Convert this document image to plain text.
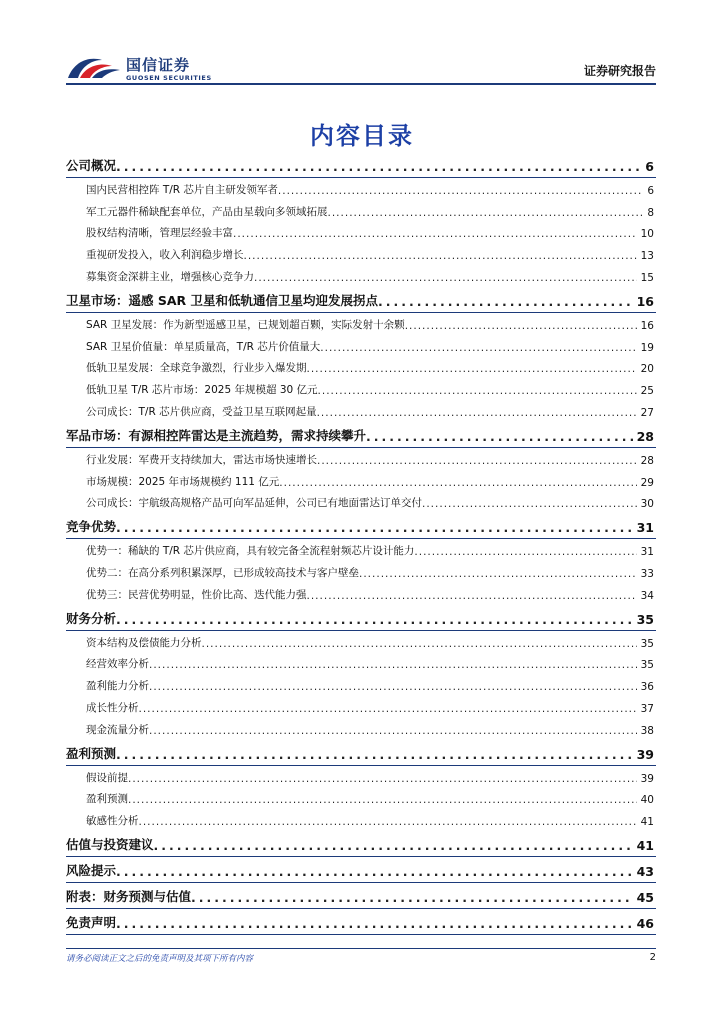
国信证券
GUOSEN SECURITIES	证券研究报告
内容目录
公司概况 .....	6
国内民营相控阵 T/R 芯片自主研发领军者 .....	6
军工元器件稀缺配套单位，产品由星载向多领域拓展 .....	8
股权结构清晰，管理层经验丰富 .....	10
重视研发投入，收入利润稳步增长 .....	13
募集资金深耕主业，增强核心竞争力 .....	15
卫星市场：遥感 SAR 卫星和低轨通信卫星均迎发展拐点 .....	16
SAR 卫星发展：作为新型遥感卫星，已规划超百颗，实际发射十余颗 .....	16
SAR 卫星价值量：单星质量高，T/R 芯片价值量大 .....	19
低轨卫星发展：全球竞争激烈，行业步入爆发期 .....	20
低轨卫星 T/R 芯片市场：2025 年规模超 30 亿元 .....	25
公司成长：T/R 芯片供应商，受益卫星互联网起量 .....	27
军品市场：有源相控阵雷达是主流趋势，需求持续攀升 .....	28
行业发展：军费开支持续加大，雷达市场快速增长 .....	28
市场规模：2025 年市场规模约 111 亿元 .....	29
公司成长：宇航级高规格产品可向军品延伸，公司已有地面雷达订单交付 .....	30
竞争优势 .....	31
优势一：稀缺的 T/R 芯片供应商，具有较完备全流程射频芯片设计能力 .....	31
优势二：在高分系列积累深厚，已形成较高技术与客户壁垒 .....	33
优势三：民营优势明显，性价比高、迭代能力强 .....	34
财务分析 .....	35
资本结构及偿债能力分析 .....	35
经营效率分析 .....	35
盈利能力分析 .....	36
成长性分析 .....	37
现金流量分析 .....	38
盈利预测 .....	39
假设前提 .....	39
盈利预测 .....	40
敏感性分析 .....	41
估值与投资建议 .....	41
风险提示 .....	43
附表：财务预测与估值 .....	45
免责声明 .....	46
请务必阅读正文之后的免责声明及其项下所有内容	2
